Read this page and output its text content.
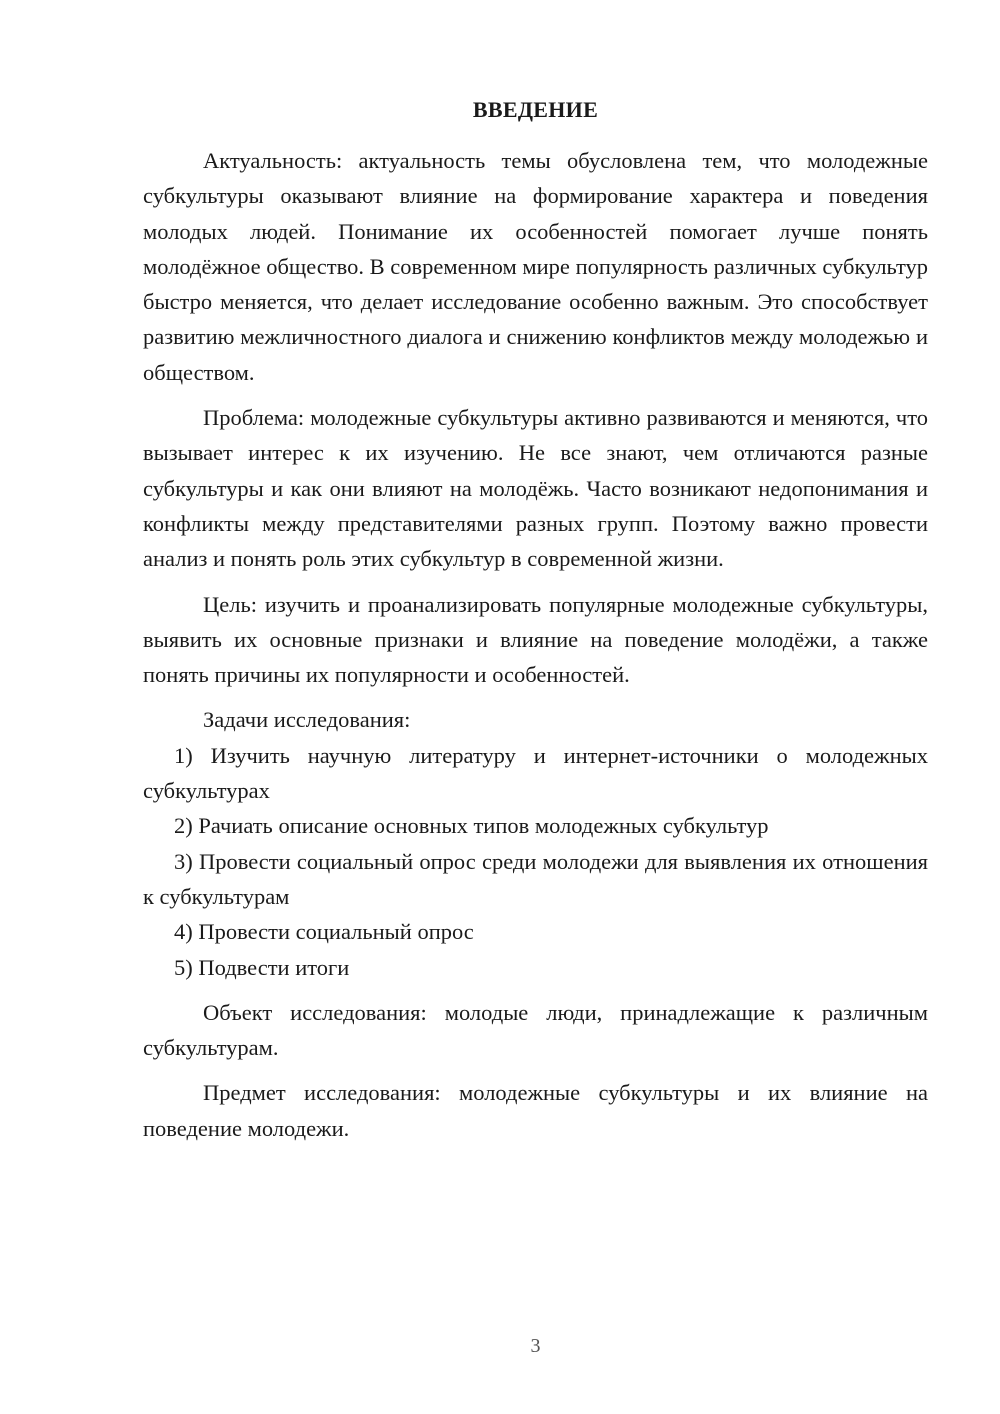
ВВЕДЕНИЕ

Актуальность: актуальность темы обусловлена тем, что молодежные субкультуры оказывают влияние на формирование характера и поведения молодых людей. Понимание их особенностей помогает лучше понять молодёжное общество. В современном мире популярность различных субкультур быстро меняется, что делает исследование особенно важным. Это способствует развитию межличностного диалога и снижению конфликтов между молодежью и обществом.

Проблема: молодежные субкультуры активно развиваются и меняются, что вызывает интерес к их изучению. Не все знают, чем отличаются разные субкультуры и как они влияют на молодёжь. Часто возникают недопонимания и конфликты между представителями разных групп. Поэтому важно провести анализ и понять роль этих субкультур в современной жизни.

Цель: изучить и проанализировать популярные молодежные субкультуры, выявить их основные признаки и влияние на поведение молодёжи, а также понять причины их популярности и особенностей.

Задачи исследования:

1) Изучить научную литературу и интернет-источники о молодежных субкультурах

2) Рачиать описание основных типов молодежных субкультур

3) Провести социальный опрос среди молодежи для выявления их отношения к субкультурам

4) Провести социальный опрос

5) Подвести итоги

Объект исследования: молодые люди, принадлежащие к различным субкультурам.

Предмет исследования: молодежные субкультуры и их влияние на поведение молодежи.

3
